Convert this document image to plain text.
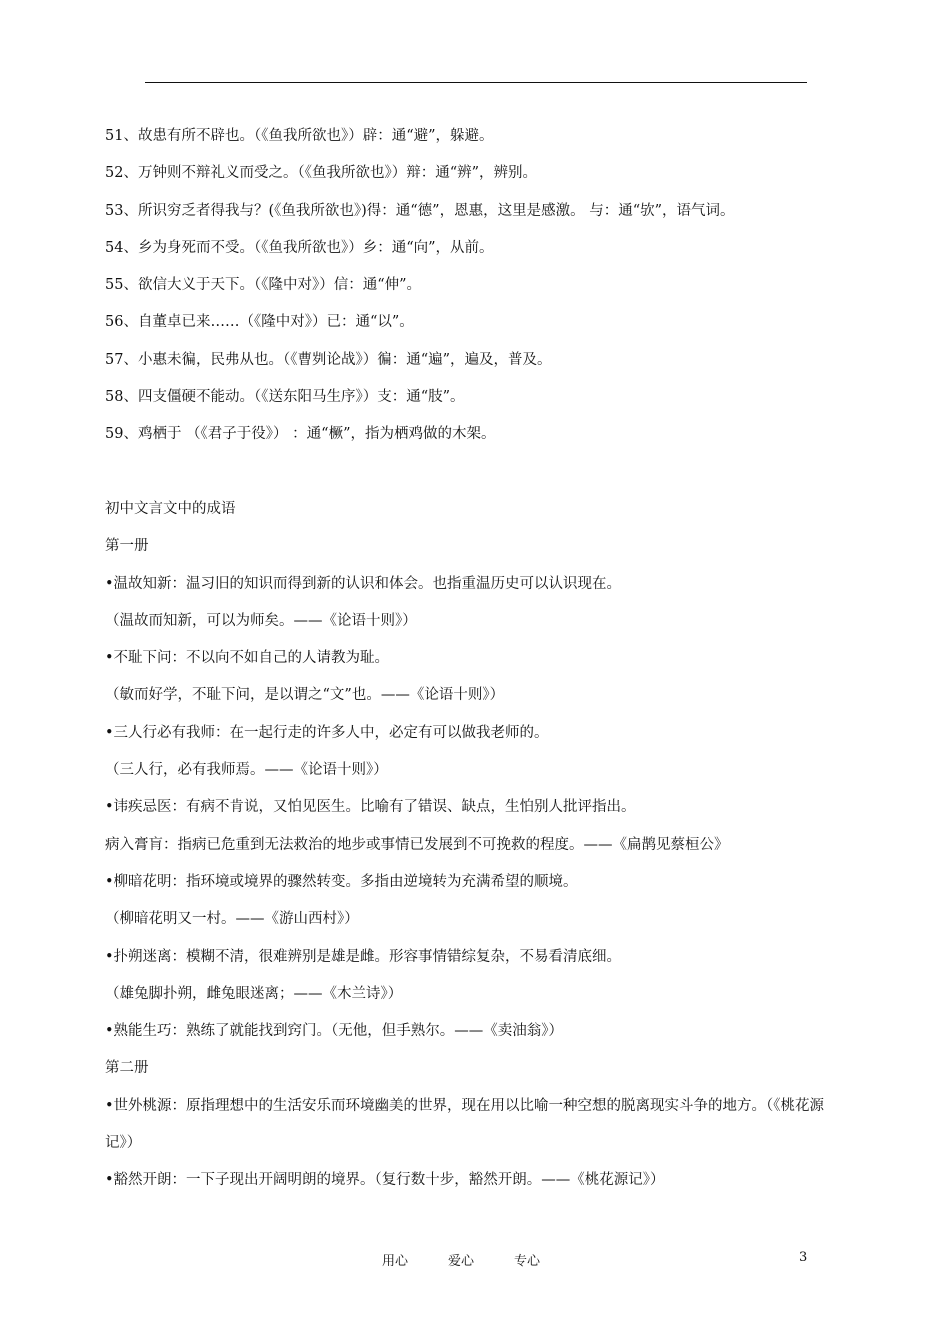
51、故患有所不辟也。（《鱼我所欲也》）辟：通“避”，躲避。
52、万钟则不辩礼义而受之。（《鱼我所欲也》）辩：通“辨”，辨别。
53、所识穷乏者得我与？(《鱼我所欲也》)得：通“德”，恩惠，这里是感激。 与：通“欤”，语气词。
54、乡为身死而不受。（《鱼我所欲也》）乡：通“向”，从前。
55、欲信大义于天下。（《隆中对》）信：通“伸”。
56、自董卓已来……（《隆中对》）已：通“以”。
57、小惠未徧，民弗从也。（《曹刿论战》）徧：通“遍”，遍及，普及。
58、四支僵硬不能动。（《送东阳马生序》）支：通“肢”。
59、鸡栖于 （《君子于役》） ：通“橛”，指为栖鸡做的木架。
初中文言文中的成语
第一册
•温故知新：温习旧的知识而得到新的认识和体会。也指重温历史可以认识现在。
（温故而知新，可以为师矣。——《论语十则》）
•不耻下问：不以向不如自己的人请教为耻。
（敏而好学，不耻下问，是以谓之“文”也。——《论语十则》）
•三人行必有我师：在一起行走的许多人中，必定有可以做我老师的。
（三人行，必有我师焉。——《论语十则》）
•讳疾忌医：有病不肯说，又怕见医生。比喻有了错误、缺点，生怕别人批评指出。
病入膏肓：指病已危重到无法救治的地步或事情已发展到不可挽救的程度。——《扁鹊见蔡桓公》
•柳暗花明：指环境或境界的骤然转变。多指由逆境转为充满希望的顺境。
（柳暗花明又一村。——《游山西村》）
•扑朔迷离：模糊不清，很难辨别是雄是雌。形容事情错综复杂，不易看清底细。
（雄兔脚扑朔，雌兔眼迷离；——《木兰诗》）
•熟能生巧：熟练了就能找到窍门。（无他，但手熟尔。——《卖油翁》）
第二册
•世外桃源：原指理想中的生活安乐而环境幽美的世界，现在用以比喻一种空想的脱离现实斗争的地方。（《桃花源记》）
•豁然开朗：一下子现出开阔明朗的境界。（复行数十步，豁然开朗。——《桃花源记》）
用心	爱心	专心	3
